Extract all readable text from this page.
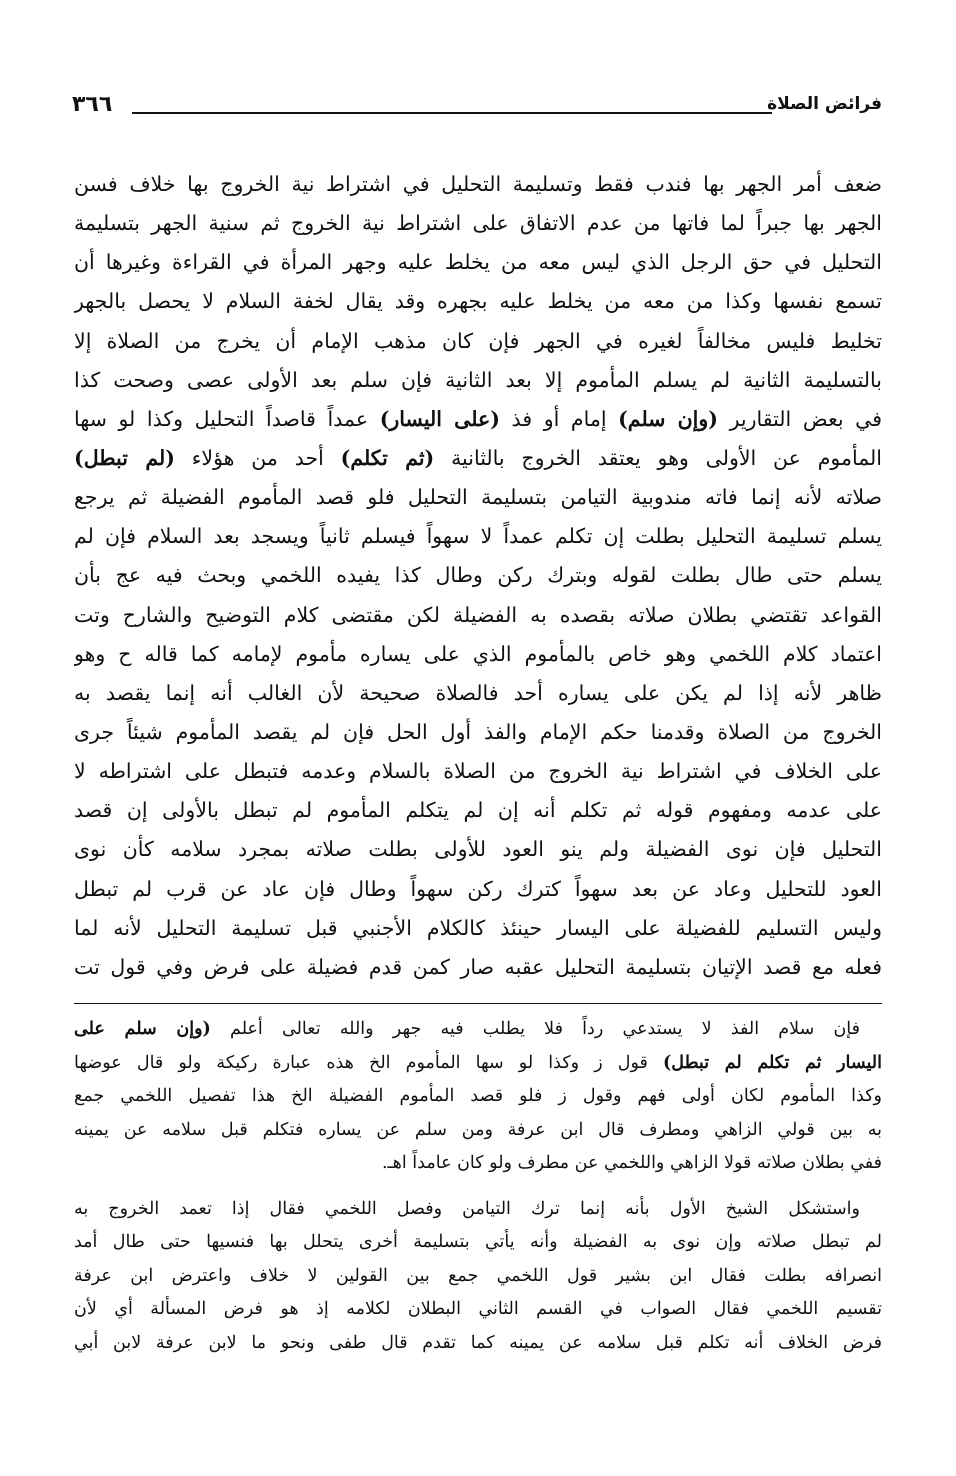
فرائض الصلاة
٣٦٦
ضعف أمر الجهر بها فندب فقط وتسليمة التحليل في اشتراط نية الخروج بها خلاف فسن
الجهر بها جبراً لما فاتها من عدم الاتفاق على اشتراط نية الخروج ثم سنية الجهر بتسليمة
التحليل في حق الرجل الذي ليس معه من يخلط عليه وجهر المرأة في القراءة وغيرها أن
تسمع نفسها وكذا من معه من يخلط عليه بجهره وقد يقال لخفة السلام لا يحصل بالجهر
تخليط فليس مخالفاً لغيره في الجهر فإن كان مذهب الإمام أن يخرج من الصلاة إلا
بالتسليمة الثانية لم يسلم المأموم إلا بعد الثانية فإن سلم بعد الأولى عصى وصحت كذا
في بعض التقارير (وإن سلم) إمام أو فذ (على اليسار) عمداً قاصداً التحليل وكذا لو سها
المأموم عن الأولى وهو يعتقد الخروج بالثانية (ثم تكلم) أحد من هؤلاء (لم تبطل)
صلاته لأنه إنما فاته مندوبية التيامن بتسليمة التحليل فلو قصد المأموم الفضيلة ثم يرجع
يسلم تسليمة التحليل بطلت إن تكلم عمداً لا سهواً فيسلم ثانياً ويسجد بعد السلام فإن لم
يسلم حتى طال بطلت لقوله وبترك ركن وطال كذا يفيده اللخمي وبحث فيه عج بأن
القواعد تقتضي بطلان صلاته بقصده به الفضيلة لكن مقتضى كلام التوضيح والشارح وتت
اعتماد كلام اللخمي وهو خاص بالمأموم الذي على يساره مأموم لإمامه كما قاله ح وهو
ظاهر لأنه إذا لم يكن على يساره أحد فالصلاة صحيحة لأن الغالب أنه إنما يقصد به
الخروج من الصلاة وقدمنا حكم الإمام والفذ أول الحل فإن لم يقصد المأموم شيئاً جرى
على الخلاف في اشتراط نية الخروج من الصلاة بالسلام وعدمه فتبطل على اشتراطه لا
على عدمه ومفهوم قوله ثم تكلم أنه إن لم يتكلم المأموم لم تبطل بالأولى إن قصد
التحليل فإن نوى الفضيلة ولم ينو العود للأولى بطلت صلاته بمجرد سلامه كأن نوى
العود للتحليل وعاد عن بعد سهواً كترك ركن سهواً وطال فإن عاد عن قرب لم تبطل
وليس التسليم للفضيلة على اليسار حينئذ كالكلام الأجنبي قبل تسليمة التحليل لأنه لما
فعله مع قصد الإتيان بتسليمة التحليل عقبه صار كمن قدم فضيلة على فرض وفي قول تت
فإن سلام الفذ لا يستدعي رداً فلا يطلب فيه جهر والله تعالى أعلم (وإن سلم على
اليسار ثم تكلم لم تبطل) قول ز وكذا لو سها المأموم الخ هذه عبارة ركيكة ولو قال عوضها
وكذا المأموم لكان أولى فهم وقول ز فلو قصد المأموم الفضيلة الخ هذا تفصيل اللخمي جمع
به بين قولي الزاهي ومطرف قال ابن عرفة ومن سلم عن يساره فتكلم قبل سلامه عن يمينه
ففي بطلان صلاته قولا الزاهي واللخمي عن مطرف ولو كان عامداً اهـ.
واستشكل الشيخ الأول بأنه إنما ترك التيامن وفصل اللخمي فقال إذا تعمد الخروج به
لم تبطل صلاته وإن نوى به الفضيلة وأنه يأتي بتسليمة أخرى يتحلل بها فنسيها حتى طال أمد
انصرافه بطلت فقال ابن بشير قول اللخمي جمع بين القولين لا خلاف واعترض ابن عرفة
تقسيم اللخمي فقال الصواب في القسم الثاني البطلان لكلامه إذ هو فرض المسألة أي لأن
فرض الخلاف أنه تكلم قبل سلامه عن يمينه كما تقدم قال طفى ونحو ما لابن عرفة لابن أبي
